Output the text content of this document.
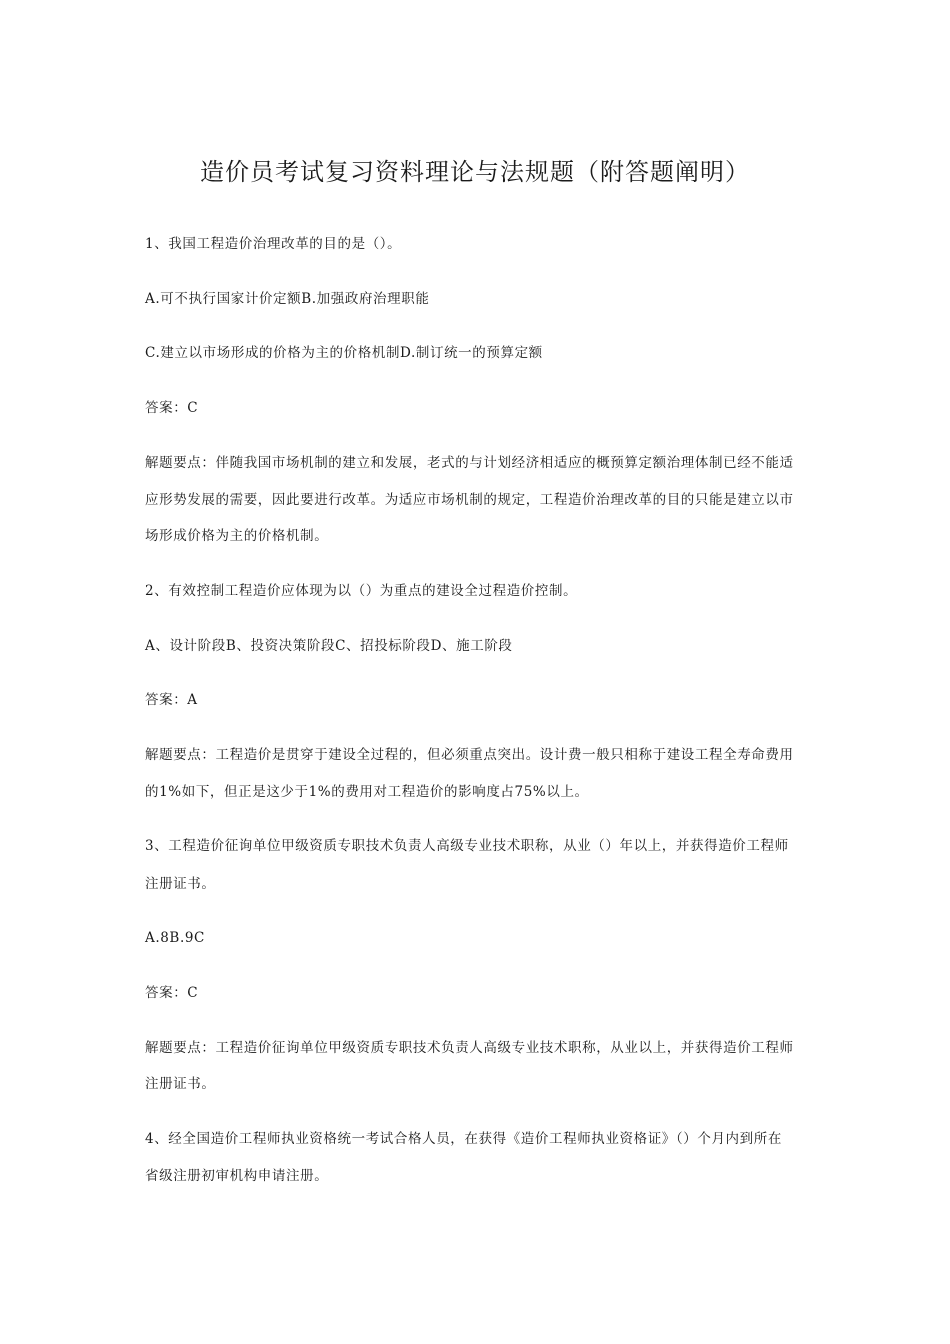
造价员考试复习资料理论与法规题（附答题阐明）
1、我国工程造价治理改革的目的是（）。
A.可不执行国家计价定额B.加强政府治理职能
C.建立以市场形成的价格为主的价格机制D.制订统一的预算定额
答案：C
解题要点：伴随我国市场机制的建立和发展，老式的与计划经济相适应的概预算定额治理体制已经不能适
应形势发展的需要，因此要进行改革。为适应市场机制的规定，工程造价治理改革的目的只能是建立以市
场形成价格为主的价格机制。
2、有效控制工程造价应体现为以（）为重点的建设全过程造价控制。
A、设计阶段B、投资决策阶段C、招投标阶段D、施工阶段
答案：A
解题要点：工程造价是贯穿于建设全过程的，但必须重点突出。设计费一般只相称于建设工程全寿命费用
的1%如下，但正是这少于1%的费用对工程造价的影响度占75%以上。
3、工程造价征询单位甲级资质专职技术负责人高级专业技术职称，从业（）年以上，并获得造价工程师
注册证书。
A.8B.9C
答案：C
解题要点：工程造价征询单位甲级资质专职技术负责人高级专业技术职称，从业以上，并获得造价工程师
注册证书。
4、经全国造价工程师执业资格统一考试合格人员，在获得《造价工程师执业资格证》（）个月内到所在
省级注册初审机构申请注册。
